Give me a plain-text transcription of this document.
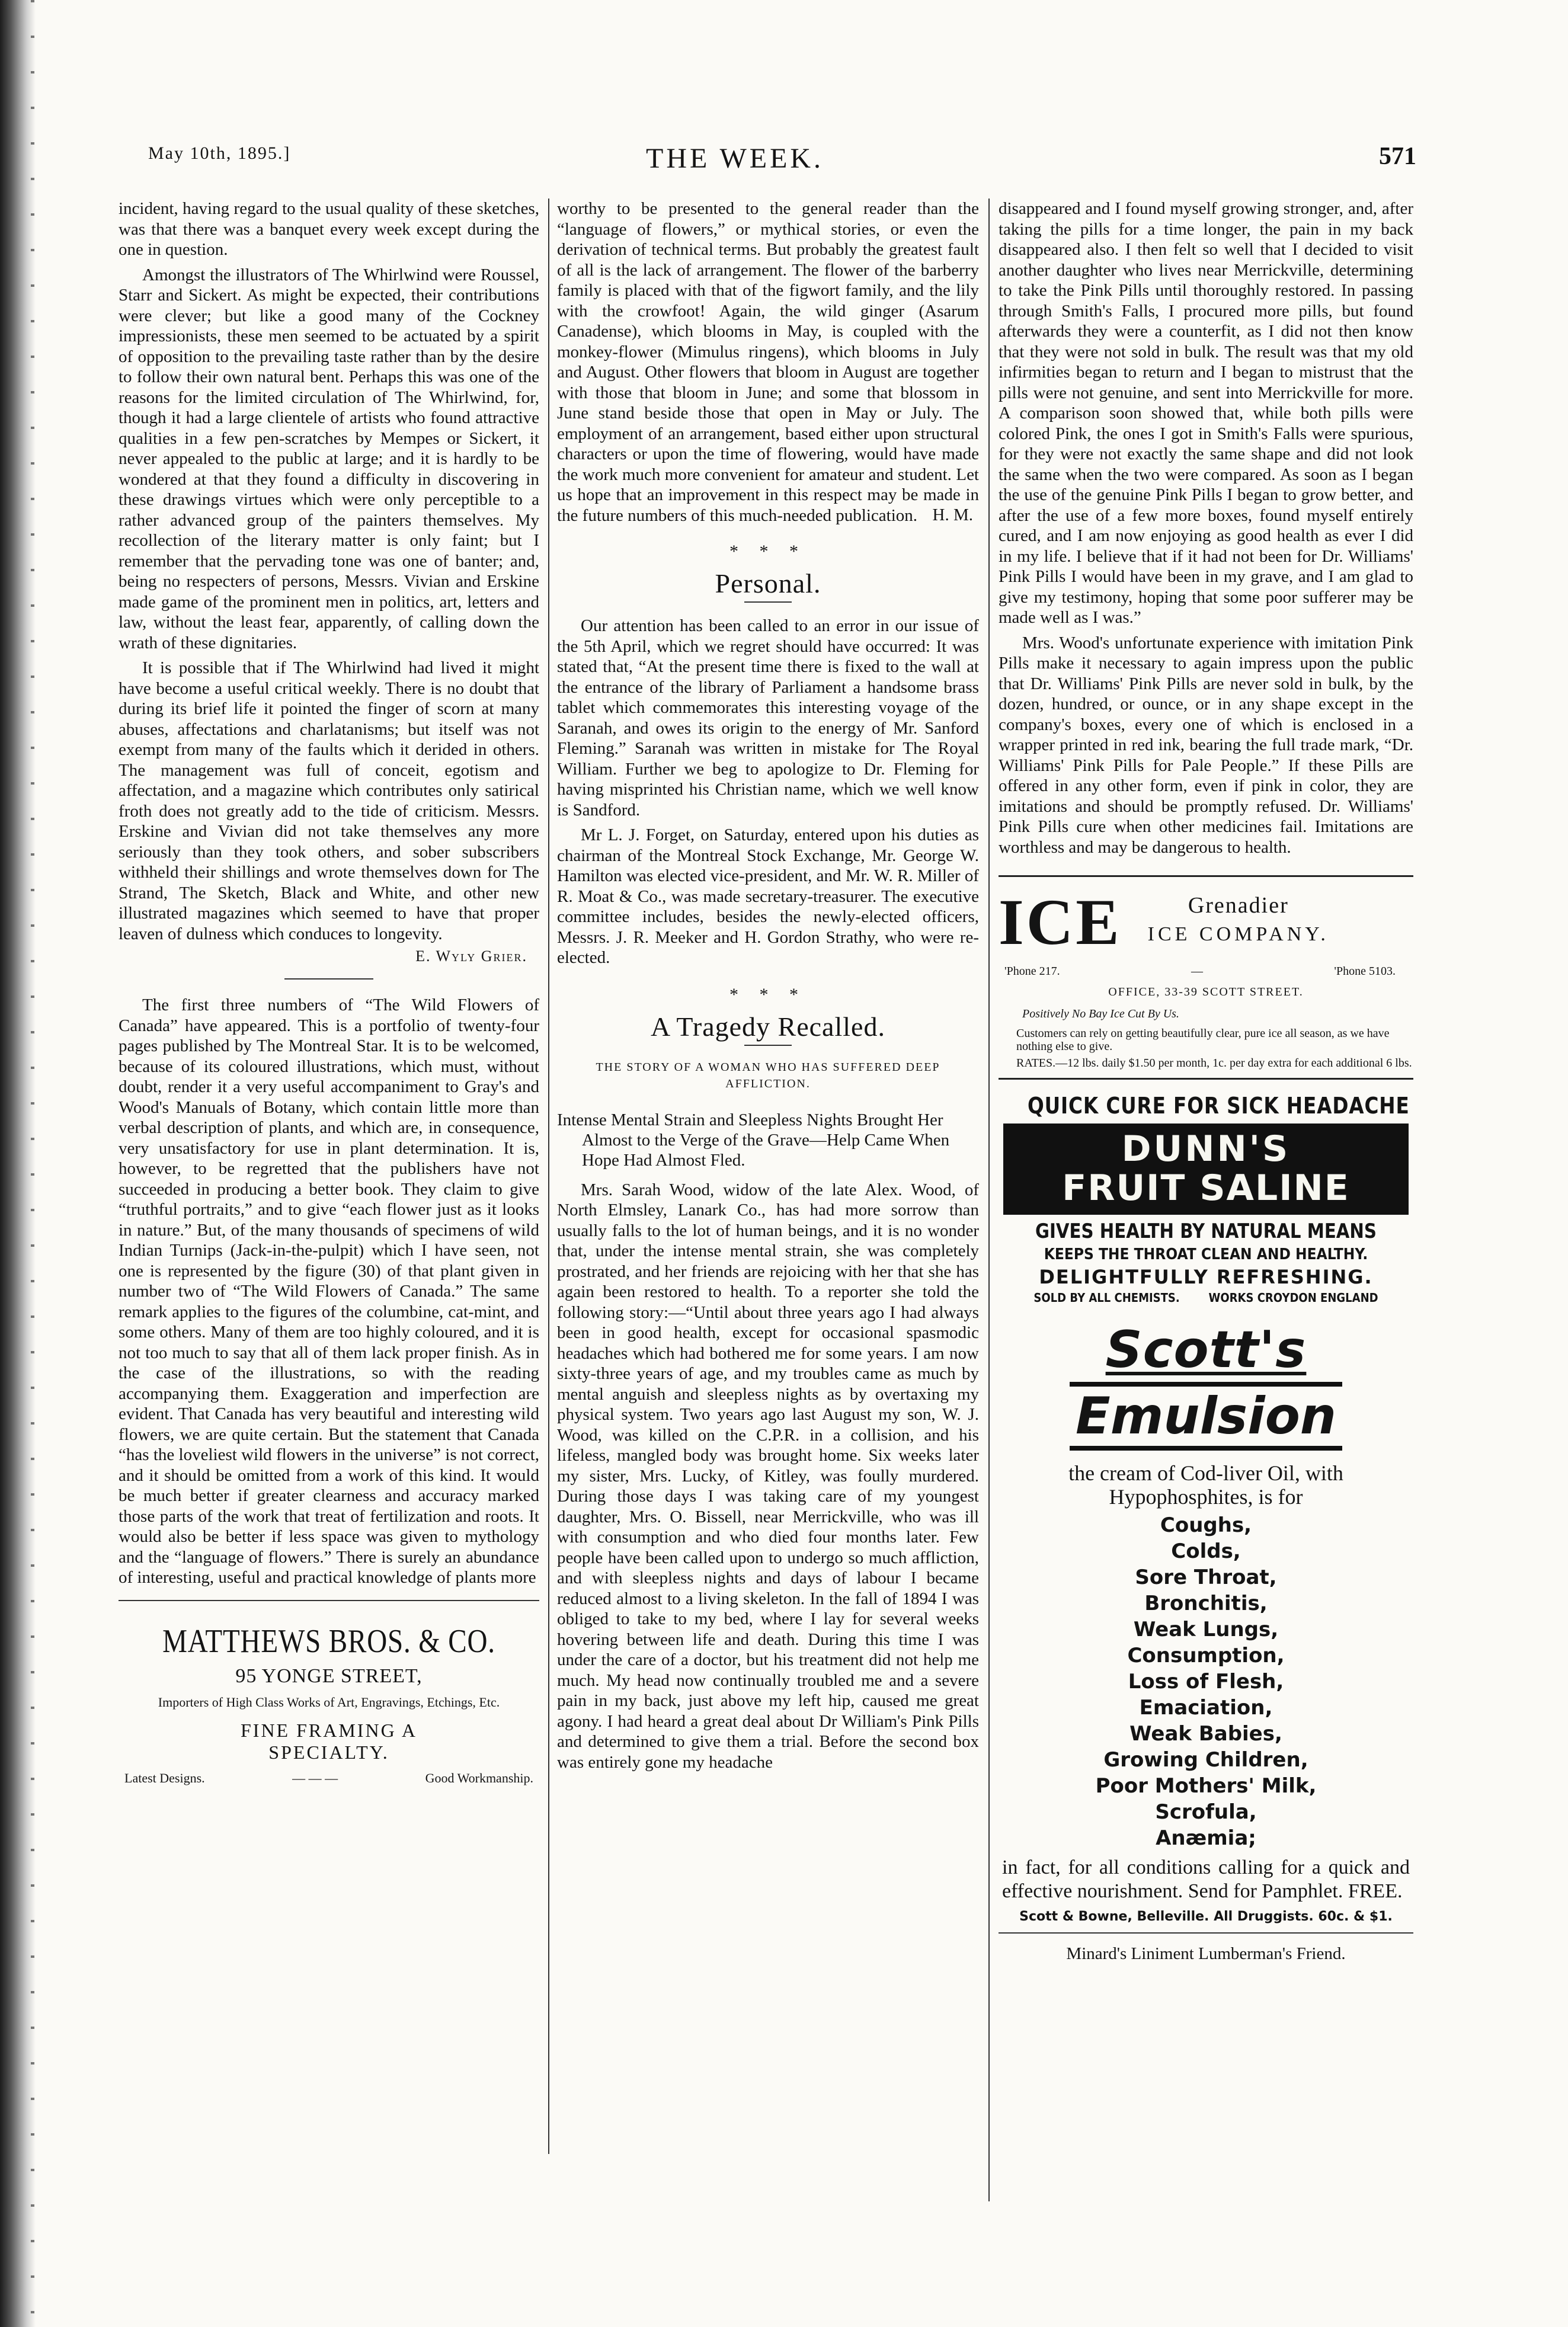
May 10th, 1895.]	THE WEEK.	571

incident, having regard to the usual quality of these sketches, was that there was a banquet every week except during the one in question.

Amongst the illustrators of The Whirlwind were Roussel, Starr and Sickert. As might be expected, their contributions were clever; but like a good many of the Cockney impressionists, these men seemed to be actuated by a spirit of opposition to the prevailing taste rather than by the desire to follow their own natural bent. Perhaps this was one of the reasons for the limited circulation of The Whirlwind, for, though it had a large clientele of artists who found attractive qualities in a few pen-scratches by Mempes or Sickert, it never appealed to the public at large; and it is hardly to be wondered at that they found a difficulty in discovering in these drawings virtues which were only perceptible to a rather advanced group of the painters themselves. My recollection of the literary matter is only faint; but I remember that the pervading tone was one of banter; and, being no respecters of persons, Messrs. Vivian and Erskine made game of the prominent men in politics, art, letters and law, without the least fear, apparently, of calling down the wrath of these dignitaries.

It is possible that if The Whirlwind had lived it might have become a useful critical weekly. There is no doubt that during its brief life it pointed the finger of scorn at many abuses, affectations and charlatanisms; but itself was not exempt from many of the faults which it derided in others. The management was full of conceit, egotism and affectation, and a magazine which contributes only satirical froth does not greatly add to the tide of criticism. Messrs. Erskine and Vivian did not take themselves any more seriously than they took others, and sober subscribers withheld their shillings and wrote themselves down for The Strand, The Sketch, Black and White, and other new illustrated magazines which seemed to have that proper leaven of dulness which conduces to longevity.

E. Wyly Grier.

The first three numbers of “The Wild Flowers of Canada” have appeared. This is a portfolio of twenty-four pages published by The Montreal Star. It is to be welcomed, because of its coloured illustrations, which must, without doubt, render it a very useful accompaniment to Gray's and Wood's Manuals of Botany, which contain little more than verbal description of plants, and which are, in consequence, very unsatisfactory for use in plant determination. It is, however, to be regretted that the publishers have not succeeded in producing a better book. They claim to give “truthful portraits,” and to give “each flower just as it looks in nature.” But, of the many thousands of specimens of wild Indian Turnips (Jack-in-the-pulpit) which I have seen, not one is represented by the figure (30) of that plant given in number two of “The Wild Flowers of Canada.” The same remark applies to the figures of the columbine, cat-mint, and some others. Many of them are too highly coloured, and it is not too much to say that all of them lack proper finish. As in the case of the illustrations, so with the reading accompanying them. Exaggeration and imperfection are evident. That Canada has very beautiful and interesting wild flowers, we are quite certain. But the statement that Canada “has the loveliest wild flowers in the universe” is not correct, and it should be omitted from a work of this kind. It would be much better if greater clearness and accuracy marked those parts of the work that treat of fertilization and roots. It would also be better if less space was given to mythology and the “language of flowers.” There is surely an abundance of interesting, useful and practical knowledge of plants more

MATTHEWS BROS. & CO.
95 YONGE STREET,
Importers of High Class Works of Art, Engravings, Etchings, Etc.
FINE FRAMING A
SPECIALTY.
Latest Designs.	— — —	Good Workmanship.

worthy to be presented to the general reader than the “language of flowers,” or mythical stories, or even the derivation of technical terms. But probably the greatest fault of all is the lack of arrangement. The flower of the barberry family is placed with that of the figwort family, and the lily with the crowfoot! Again, the wild ginger (Asarum Canadense), which blooms in May, is coupled with the monkey-flower (Mimulus ringens), which blooms in July and August. Other flowers that bloom in August are together with those that bloom in June; and some that blossom in June stand beside those that open in May or July. The employment of an arrangement, based either upon structural characters or upon the time of flowering, would have made the work much more convenient for amateur and student. Let us hope that an improvement in this respect may be made in the future numbers of this much-needed publication. H. M.
* * *
Personal.

Our attention has been called to an error in our issue of the 5th April, which we regret should have occurred: It was stated that, “At the present time there is fixed to the wall at the entrance of the library of Parliament a handsome brass tablet which commemorates this interesting voyage of the Saranah, and owes its origin to the energy of Mr. Sanford Fleming.” Saranah was written in mistake for The Royal William. Further we beg to apologize to Dr. Fleming for having misprinted his Christian name, which we well know is Sandford.

Mr L. J. Forget, on Saturday, entered upon his duties as chairman of the Montreal Stock Exchange, Mr. George W. Hamilton was elected vice-president, and Mr. W. R. Miller of R. Moat & Co., was made secretary-treasurer. The executive committee includes, besides the newly-elected officers, Messrs. J. R. Meeker and H. Gordon Strathy, who were re-elected.

* * *
A Tragedy Recalled.
THE STORY OF A WOMAN WHO HAS SUFFERED DEEP AFFLICTION.
Intense Mental Strain and Sleepless Nights Brought Her Almost to the Verge of the Grave—Help Came When Hope Had Almost Fled.

Mrs. Sarah Wood, widow of the late Alex. Wood, of North Elmsley, Lanark Co., has had more sorrow than usually falls to the lot of human beings, and it is no wonder that, under the intense mental strain, she was completely prostrated, and her friends are rejoicing with her that she has again been restored to health. To a reporter she told the following story:—“Until about three years ago I had always been in good health, except for occasional spasmodic headaches which had bothered me for some years. I am now sixty-three years of age, and my troubles came as much by mental anguish and sleepless nights as by overtaxing my physical system. Two years ago last August my son, W. J. Wood, was killed on the C.P.R. in a collision, and his lifeless, mangled body was brought home. Six weeks later my sister, Mrs. Lucky, of Kitley, was foully murdered. During those days I was taking care of my youngest daughter, Mrs. O. Bissell, near Merrickville, who was ill with consumption and who died four months later. Few people have been called upon to undergo so much affliction, and with sleepless nights and days of labour I became reduced almost to a living skeleton. In the fall of 1894 I was obliged to take to my bed, where I lay for several weeks hovering between life and death. During this time I was under the care of a doctor, but his treatment did not help me much. My head now continually troubled me and a severe pain in my back, just above my left hip, caused me great agony. I had heard a great deal about Dr William's Pink Pills and determined to give them a trial. Before the second box was entirely gone my headache

disappeared and I found myself growing stronger, and, after taking the pills for a time longer, the pain in my back disappeared also. I then felt so well that I decided to visit another daughter who lives near Merrickville, determining to take the Pink Pills until thoroughly restored. In passing through Smith's Falls, I procured more pills, but found afterwards they were a counterfit, as I did not then know that they were not sold in bulk. The result was that my old infirmities began to return and I began to mistrust that the pills were not genuine, and sent into Merrickville for more. A comparison soon showed that, while both pills were colored Pink, the ones I got in Smith's Falls were spurious, for they were not exactly the same shape and did not look the same when the two were compared. As soon as I began the use of the genuine Pink Pills I began to grow better, and after the use of a few more boxes, found myself entirely cured, and I am now enjoying as good health as ever I did in my life. I believe that if it had not been for Dr. Williams' Pink Pills I would have been in my grave, and I am glad to give my testimony, hoping that some poor sufferer may be made well as I was.”

Mrs. Wood's unfortunate experience with imitation Pink Pills make it necessary to again impress upon the public that Dr. Williams' Pink Pills are never sold in bulk, by the dozen, hundred, or ounce, or in any shape except in the company's boxes, every one of which is enclosed in a wrapper printed in red ink, bearing the full trade mark, “Dr. Williams' Pink Pills for Pale People.” If these Pills are offered in any other form, even if pink in color, they are imitations and should be promptly refused. Dr. Williams' Pink Pills cure when other medicines fail. Imitations are worthless and may be dangerous to health.

ICE	Grenadier
ICE COMPANY.
'Phone 217.	—	'Phone 5103.
OFFICE, 33-39 SCOTT STREET.
Positively No Bay Ice Cut By Us.
Customers can rely on getting beautifully clear, pure ice all season, as we have nothing else to give.
RATES.—12 lbs. daily $1.50 per month, 1c. per day extra for each additional 6 lbs.
QUICK CURE FOR SICK HEADACHE
DUNN'S
FRUIT SALINE
GIVES HEALTH BY NATURAL MEANS
KEEPS THE THROAT CLEAN AND HEALTHY.
DELIGHTFULLY REFRESHING.
SOLD BY ALL CHEMISTS. WORKS CROYDON ENGLAND
Scott's
Emulsion
the cream of Cod-liver Oil, with Hypophosphites, is for
Coughs,
Colds,
Sore Throat,
Bronchitis,
Weak Lungs,
Consumption,
Loss of Flesh,
Emaciation,
Weak Babies,
Growing Children,
Poor Mothers' Milk,
Scrofula,
Anæmia;
in fact, for all conditions calling for a quick and effective nourishment. Send for Pamphlet. FREE.
Scott & Bowne, Belleville. All Druggists. 60c. & $1.
Minard's Liniment Lumberman's Friend.
